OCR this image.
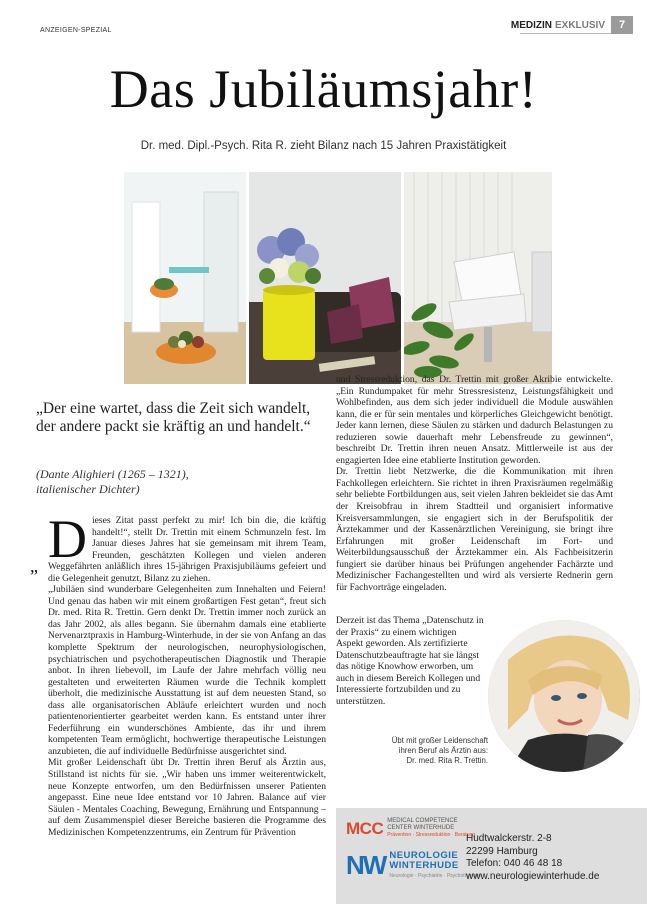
ANZEIGEN-SPEZIAL	MEDIZIN EXKLUSIV	7
Das Jubiläumsjahr!
Dr. med. Dipl.-Psych. Rita R. zieht Bilanz nach 15 Jahren Praxistätigkeit
„Der eine wartet, dass die Zeit sich wandelt, der andere packt sie kräftig an und handelt.“
(Dante Alighieri (1265 – 1321),
italienischer Dichter)
„ D ieses Zitat passt perfekt zu mir! Ich bin die, die kräftig handelt!“, stellt Dr. Trettin mit einem Schmunzeln fest. Im Januar dieses Jahres hat sie gemeinsam mit ihrem Team, Freunden, geschätzten Kollegen und vielen anderen Weggefährten anläßlich ihres 15-jährigen Praxisjubiläums gefeiert und die Gelegenheit genutzt, Bilanz zu ziehen.

„Jubiläen sind wunderbare Gelegenheiten zum Innehalten und Feiern! Und genau das haben wir mit einem großartigen Fest getan“, freut sich Dr. med. Rita R. Trettin. Gern denkt Dr. Trettin immer noch zurück an das Jahr 2002, als alles begann. Sie übernahm damals eine etablierte Nervenarztpraxis in Hamburg-Winterhude, in der sie von Anfang an das komplette Spektrum der neurologischen, neurophysiologischen, psychiatrischen und psychotherapeutischen Diagnostik und Therapie anbot. In ihren liebevoll, im Laufe der Jahre mehrfach völlig neu gestalteten und erweiterten Räumen wurde die Technik komplett überholt, die medizinische Ausstattung ist auf dem neuesten Stand, so dass alle organisatorischen Abläufe erleichtert wurden und noch patientenorientierter gearbeitet werden kann. Es entstand unter ihrer Federführung ein wunderschönes Ambiente, das ihr und ihrem kompetenten Team ermöglicht, hochwertige therapeutische Leistungen anzubieten, die auf individuelle Bedürfnisse ausgerichtet sind.

Mit großer Leidenschaft übt Dr. Trettin ihren Beruf als Ärztin aus, Stillstand ist nichts für sie. „Wir haben uns immer weiterentwickelt, neue Konzepte entworfen, um den Bedürfnissen unserer Patienten angepasst. Eine neue Idee entstand vor 10 Jahren. Balance auf vier Säulen - Mentales Coaching, Bewegung, Ernährung und Entspannung – auf dem Zusammenspiel dieser Bereiche basieren die Programme des Medizinischen Kompetenzzentrums, ein Zentrum für Prävention

und Stressreduktion, das Dr. Trettin mit großer Akribie entwickelte. „Ein Rundumpaket für mehr Stressresistenz, Leistungsfähigkeit und Wohlbefinden, aus dem sich jeder individuell die Module auswählen kann, die er für sein mentales und körperliches Gleichgewicht benötigt. Jeder kann lernen, diese Säulen zu stärken und dadurch Belastungen zu reduzieren sowie dauerhaft mehr Lebensfreude zu gewinnen“, beschreibt Dr. Trettin ihren neuen Ansatz. Mittlerweile ist aus der engagierten Idee eine etablierte Institution geworden.

Dr. Trettin liebt Netzwerke, die die Kommunikation mit ihren Fachkollegen erleichtern. Sie richtet in ihren Praxisräumen regelmäßig sehr beliebte Fortbildungen aus, seit vielen Jahren bekleidet sie das Amt der Kreisobfrau in ihrem Stadtteil und organisiert informative Kreisversammlungen, sie engagiert sich in der Berufspolitik der Ärztekammer und der Kassenärztlichen Vereinigung, sie bringt ihre Erfahrungen mit großer Leidenschaft im Fort- und Weiterbildungsausschuß der Ärztekammer ein. Als Fachbeisitzerin fungiert sie darüber hinaus bei Prüfungen angehender Fachärzte und Medizinischer Fachangestellten und wird als versierte Rednerin gern für Fachvorträge eingeladen.

Derzeit ist das Thema „Datenschutz in der Praxis“ zu einem wichtigen Aspekt geworden. Als zertifizierte Datenschutzbeauftragte hat sie längst das nötige Knowhow erworben, um auch in diesem Bereich Kollegen und Interessierte fortzubilden und zu unterstützen.

Übt mit großer Leidenschaft
ihren Beruf als Ärztin aus:
Dr. med. Rita R. Trettin.
MCC MEDICAL COMPETENCE
CENTER WINTERHUDE
Prävention · Stressreduktion · Beratung
NW NEUROLOGIE
WINTERHUDE
Neurologie · Psychiatrie · Psychotherapie
Hudtwalckerstr. 2-8
22299 Hamburg
Telefon: 040 46 48 18
www.neurologiewinterhude.de
